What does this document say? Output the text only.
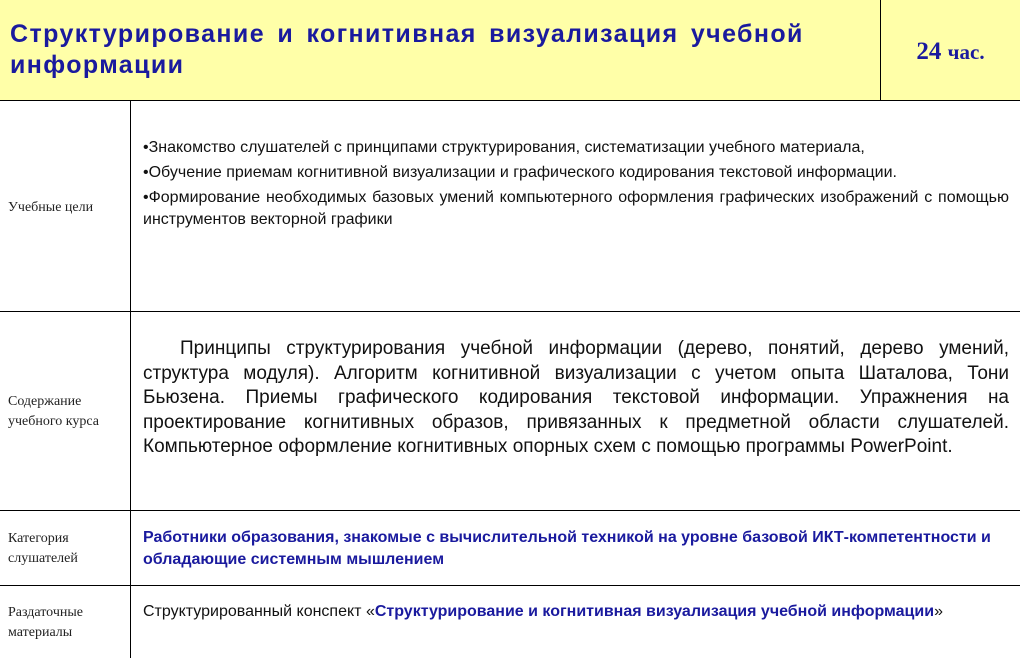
Структурирование и когнитивная визуализация учебной информации	24 час.
Учебные цели

•Знакомство слушателей с принципами структурирования, систематизации учебного материала,

•Обучение приемам когнитивной визуализации и графического кодирования текстовой информации.

•Формирование необходимых базовых умений компьютерного оформления графических изображений с помощью инструментов векторной графики

Содержание учебного курса

Принципы структурирования учебной информации (дерево, понятий, дерево умений, структура модуля). Алгоритм когнитивной визуализации с учетом опыта Шаталова, Тони Бьюзена. Приемы графического кодирования текстовой информации. Упражнения на проектирование когнитивных образов, привязанных к предметной области слушателей. Компьютерное оформление когнитивных опорных схем с помощью программы PowerPoint.

Категория слушателей

Работники образования, знакомые с вычислительной техникой на уровне базовой ИКТ-компетентности и обладающие системным мышлением

Раздаточные материалы

Структурированный конспект «Структурирование и когнитивная визуализация учебной информации»
